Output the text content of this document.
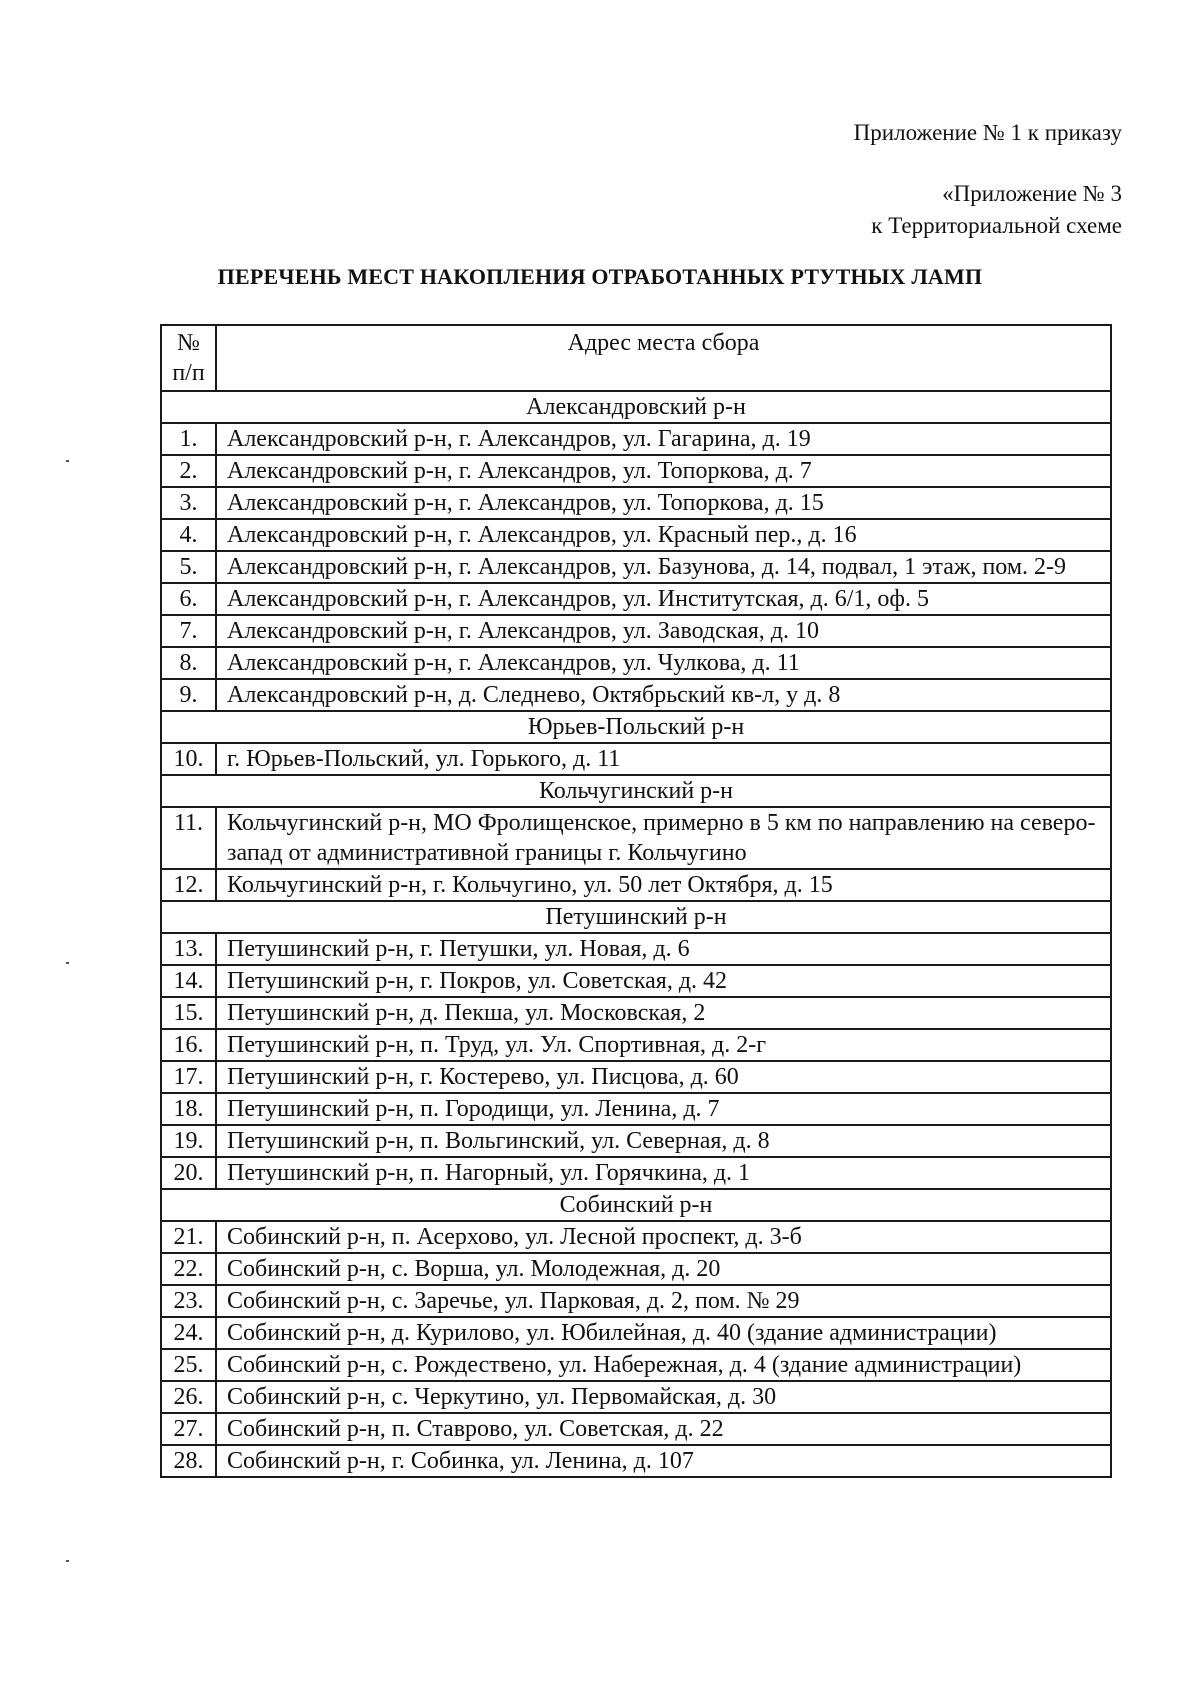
Приложение № 1 к приказу
«Приложение № 3
к Территориальной схеме
ПЕРЕЧЕНЬ МЕСТ НАКОПЛЕНИЯ ОТРАБОТАННЫХ РТУТНЫХ ЛАМП
№
п/п	Адрес места сбора
Александровский р-н	
1.	Александровский р-н, г. Александров, ул. Гагарина, д. 19
2.	Александровский р-н, г. Александров, ул. Топоркова, д. 7
3.	Александровский р-н, г. Александров, ул. Топоркова, д. 15
4.	Александровский р-н, г. Александров, ул. Красный пер., д. 16
5.	Александровский р-н, г. Александров, ул. Базунова, д. 14, подвал, 1 этаж, пом. 2-9
6.	Александровский р-н, г. Александров, ул. Институтская, д. 6/1, оф. 5
7.	Александровский р-н, г. Александров, ул. Заводская, д. 10
8.	Александровский р-н, г. Александров, ул. Чулкова, д. 11
9.	Александровский р-н, д. Следнево, Октябрьский кв-л, у д. 8
Юрьев-Польский р-н	
10.	г. Юрьев-Польский, ул. Горького, д. 11
Кольчугинский р-н	
11.	Кольчугинский р-н, МО Фролищенское, примерно в 5 км по направлению на северо-запад от административной границы г. Кольчугино
12.	Кольчугинский р-н, г. Кольчугино, ул. 50 лет Октября, д. 15
Петушинский р-н	
13.	Петушинский р-н, г. Петушки, ул. Новая, д. 6
14.	Петушинский р-н, г. Покров, ул. Советская, д. 42
15.	Петушинский р-н, д. Пекша, ул. Московская, 2
16.	Петушинский р-н, п. Труд, ул. Ул. Спортивная, д. 2-г
17.	Петушинский р-н, г. Костерево, ул. Писцова, д. 60
18.	Петушинский р-н, п. Городищи, ул. Ленина, д. 7
19.	Петушинский р-н, п. Вольгинский, ул. Северная, д. 8
20.	Петушинский р-н, п. Нагорный, ул. Горячкина, д. 1
Собинский р-н	
21.	Собинский р-н, п. Асерхово, ул. Лесной проспект, д. 3-б
22.	Собинский р-н, с. Ворша, ул. Молодежная, д. 20
23.	Собинский р-н, с. Заречье, ул. Парковая, д. 2, пом. № 29
24.	Собинский р-н, д. Курилово, ул. Юбилейная, д. 40 (здание администрации)
25.	Собинский р-н, с. Рождествено, ул. Набережная, д. 4 (здание администрации)
26.	Собинский р-н, с. Черкутино, ул. Первомайская, д. 30
27.	Собинский р-н, п. Ставрово, ул. Советская, д. 22
28.	Собинский р-н, г. Собинка, ул. Ленина, д. 107
